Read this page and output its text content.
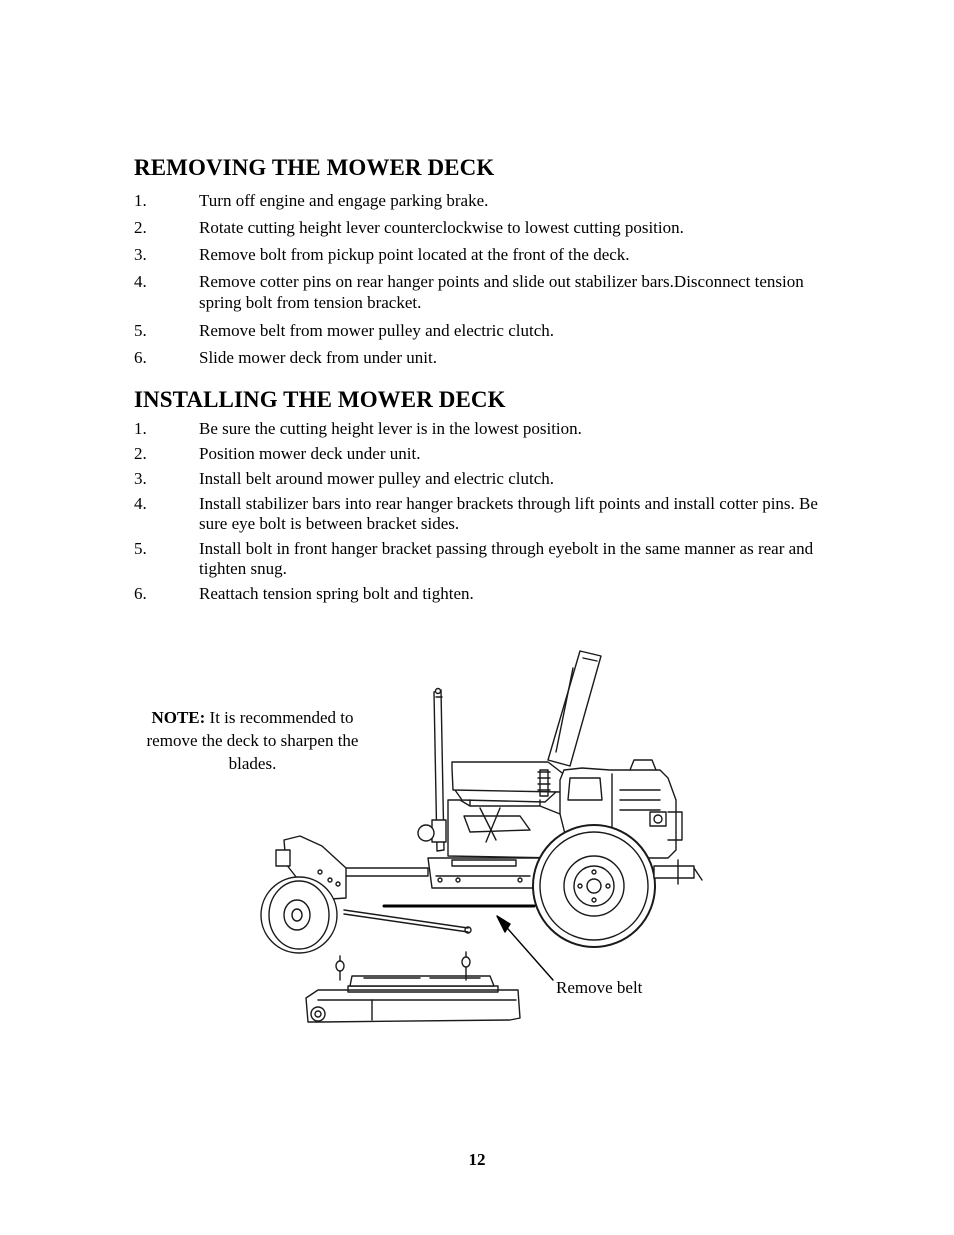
REMOVING THE MOWER DECK
1.	Turn off engine and engage parking brake.
2.	Rotate cutting height lever counterclockwise to lowest cutting position.
3.	Remove bolt from pickup point located at the front of the deck.
4.	Remove cotter pins on rear hanger points and slide out stabilizer bars.Disconnect tension spring bolt from tension bracket.
5.	Remove belt from mower pulley and electric clutch.
6.	Slide mower deck from under unit.
INSTALLING THE MOWER DECK
1.	Be sure the cutting height lever is in the lowest position.
2.	Position mower deck under unit.
3.	Install belt around mower pulley and electric clutch.
4.	Install stabilizer bars into rear hanger brackets through lift points and install cotter pins. Be sure eye bolt is between bracket sides.
5.	Install bolt in front hanger bracket passing through eyebolt in the same manner as rear and tighten snug.
6.	Reattach tension spring bolt and tighten.
NOTE: It is recommended to remove the deck to sharpen the blades.
Remove belt
12
